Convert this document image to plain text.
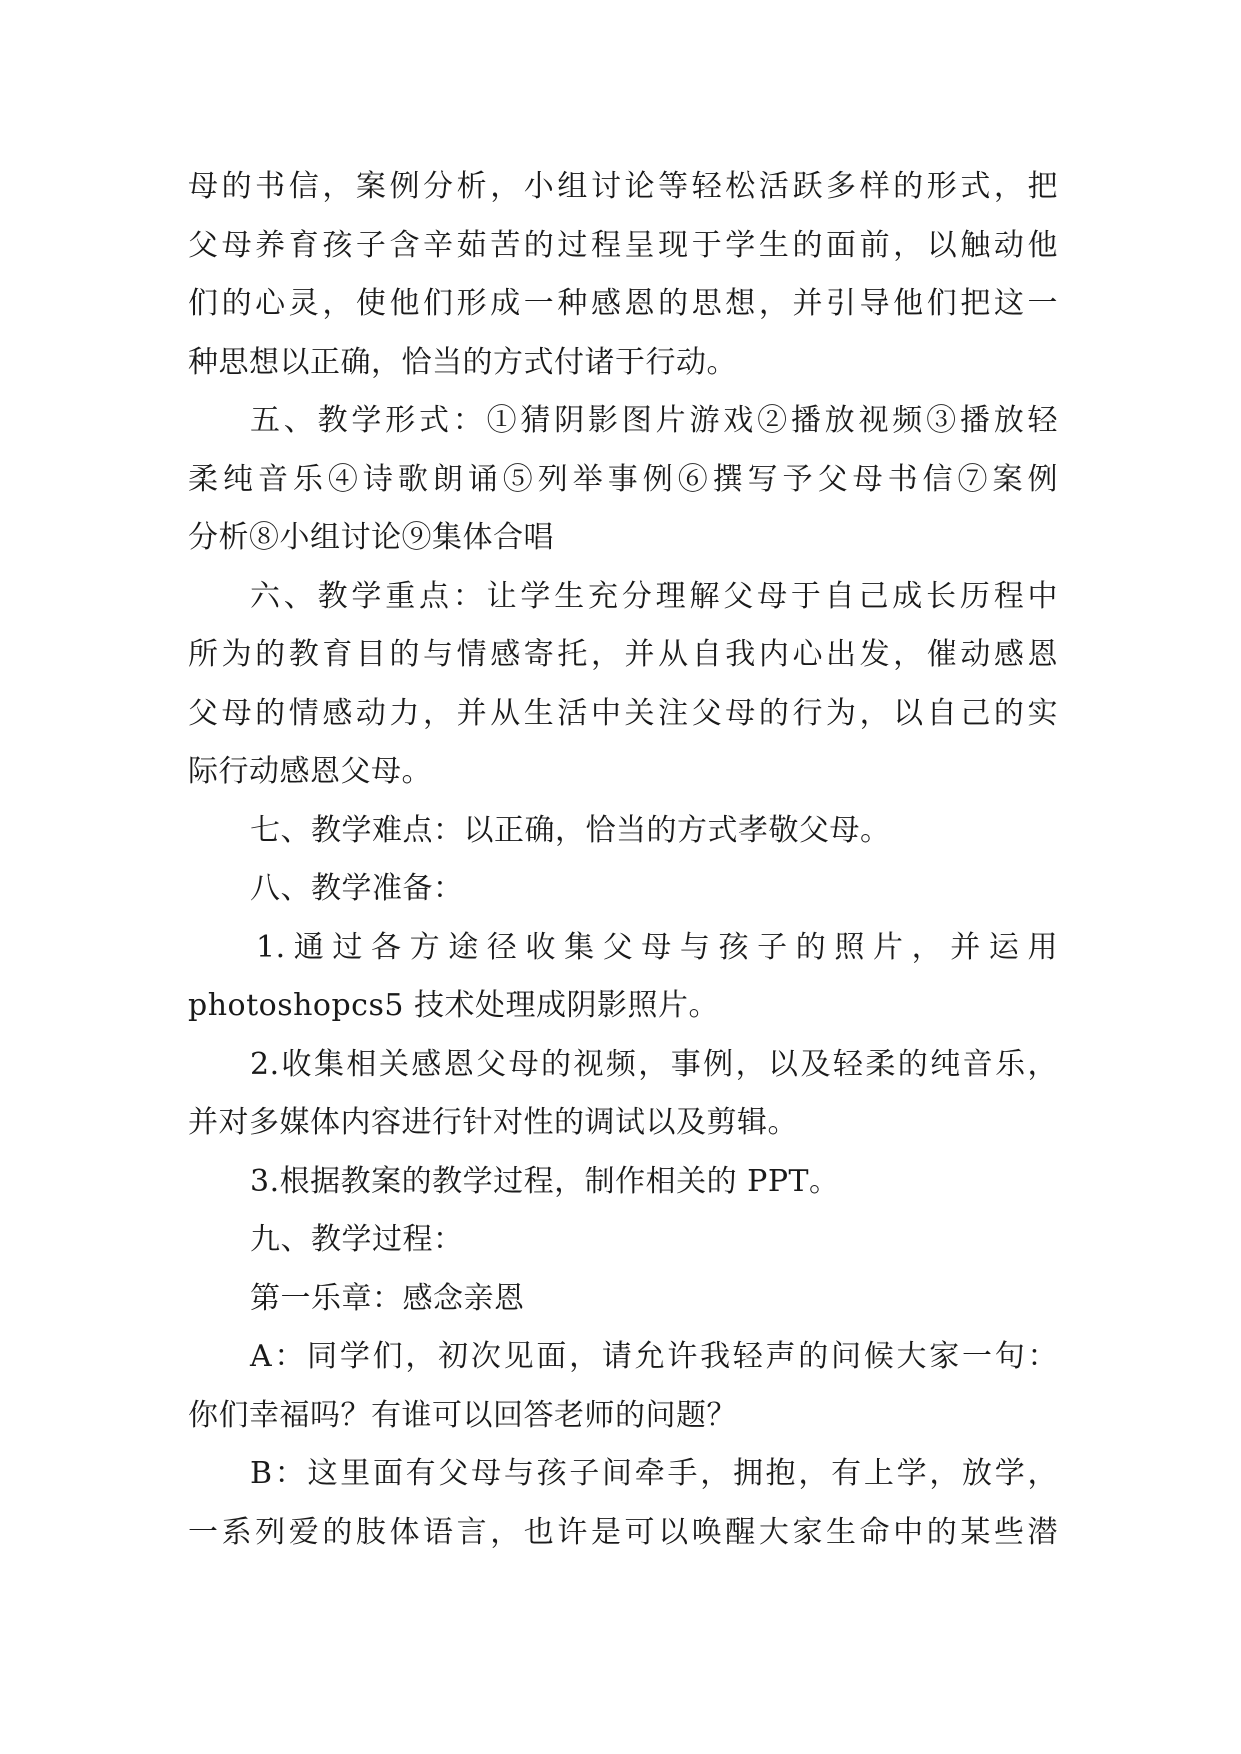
母的书信，案例分析，小组讨论等轻松活跃多样的形式，把
父母养育孩子含辛茹苦的过程呈现于学生的面前，以触动他
们的心灵，使他们形成一种感恩的思想，并引导他们把这一
种思想以正确，恰当的方式付诸于行动。
五、教学形式：①猜阴影图片游戏②播放视频③播放轻
柔纯音乐④诗歌朗诵⑤列举事例⑥撰写予父母书信⑦案例
分析⑧小组讨论⑨集体合唱
六、教学重点：让学生充分理解父母于自己成长历程中
所为的教育目的与情感寄托，并从自我内心出发，催动感恩
父母的情感动力，并从生活中关注父母的行为，以自己的实
际行动感恩父母。
七、教学难点：以正确，恰当的方式孝敬父母。
八、教学准备：
1.通过各方途径收集父母与孩子的照片，并运用
photoshopcs5 技术处理成阴影照片。
2.收集相关感恩父母的视频，事例，以及轻柔的纯音乐，
并对多媒体内容进行针对性的调试以及剪辑。
3.根据教案的教学过程，制作相关的 PPT。
九、教学过程：
第一乐章：感念亲恩
A：同学们，初次见面，请允许我轻声的问候大家一句：
你们幸福吗？有谁可以回答老师的问题？
B：这里面有父母与孩子间牵手，拥抱，有上学，放学，
一系列爱的肢体语言，也许是可以唤醒大家生命中的某些潜
